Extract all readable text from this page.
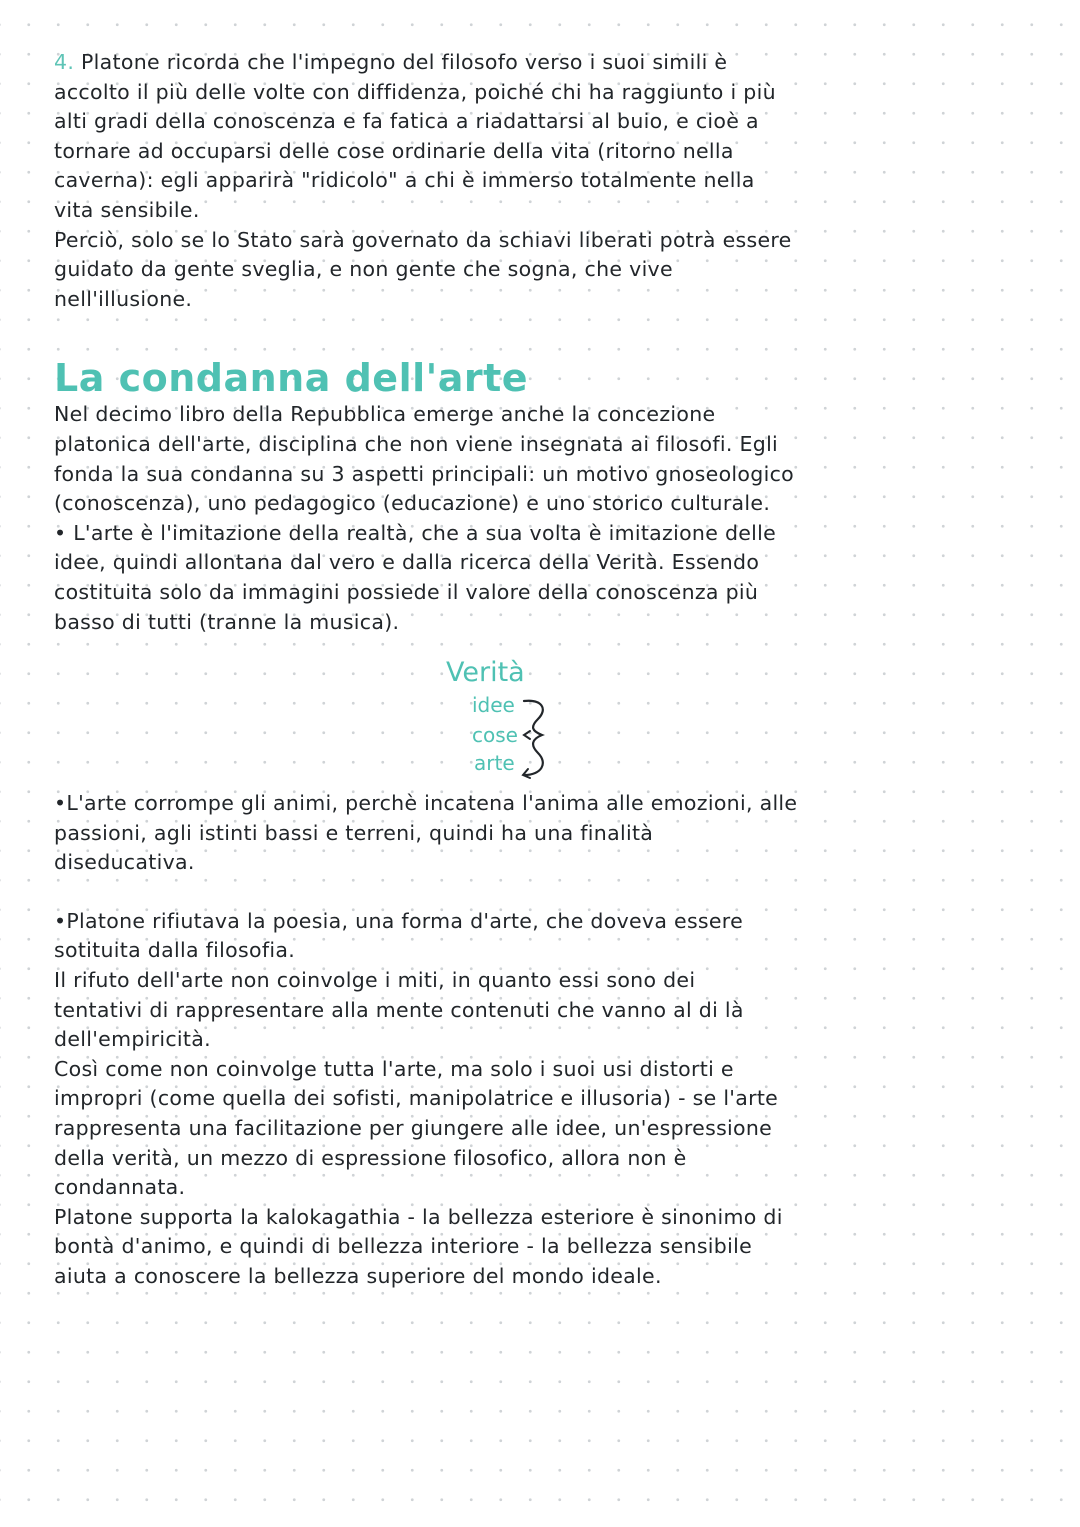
4. Platone ricorda che l'impegno del filosofo verso i suoi simili è
accolto il più delle volte con diffidenza, poiché chi ha raggiunto i più
alti gradi della conoscenza e fa fatica a riadattarsi al buio, e cioè a
tornare ad occuparsi delle cose ordinarie della vita (ritorno nella
caverna): egli apparirà "ridicolo" a chi è immerso totalmente nella
vita sensibile.
Perciò, solo se lo Stato sarà governato da schiavi liberati potrà essere
guidato da gente sveglia, e non gente che sogna, che vive
nell'illusione.
La condanna dell'arte
Nel decimo libro della Repubblica emerge anche la concezione
platonica dell'arte, disciplina che non viene insegnata ai filosofi. Egli
fonda la sua condanna su 3 aspetti principali: un motivo gnoseologico
(conoscenza), uno pedagogico (educazione) e uno storico culturale.
• L'arte è l'imitazione della realtà, che a sua volta è imitazione delle
idee, quindi allontana dal vero e dalla ricerca della Verità. Essendo
costituita solo da immagini possiede il valore della conoscenza più
basso di tutti (tranne la musica).
Verità
idee
cose
arte
•L'arte corrompe gli animi, perchè incatena l'anima alle emozioni, alle
passioni, agli istinti bassi e terreni, quindi ha una finalità
diseducativa.
•Platone rifiutava la poesia, una forma d'arte, che doveva essere
sotituita dalla filosofia.
Il rifuto dell'arte non coinvolge i miti, in quanto essi sono dei
tentativi di rappresentare alla mente contenuti che vanno al di là
dell'empiricità.
Così come non coinvolge tutta l'arte, ma solo i suoi usi distorti e
impropri (come quella dei sofisti, manipolatrice e illusoria) - se l'arte
rappresenta una facilitazione per giungere alle idee, un'espressione
della verità, un mezzo di espressione filosofico, allora non è
condannata.
Platone supporta la kalokagathia - la bellezza esteriore è sinonimo di
bontà d'animo, e quindi di bellezza interiore - la bellezza sensibile
aiuta a conoscere la bellezza superiore del mondo ideale.
